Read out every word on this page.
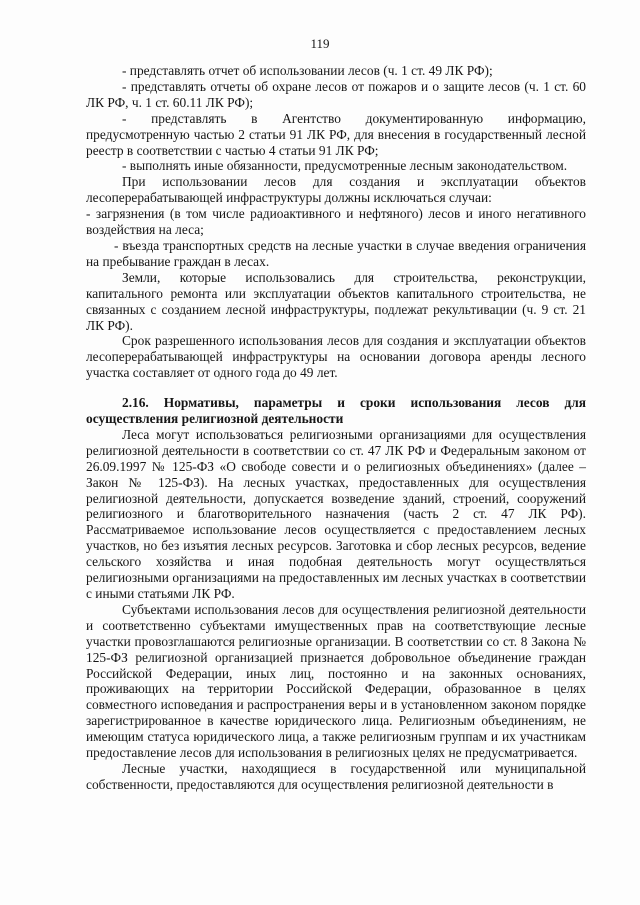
119

- представлять отчет об использовании лесов (ч. 1 ст. 49 ЛК РФ);

- представлять отчеты об охране лесов от пожаров и о защите лесов (ч. 1 ст. 60 ЛК РФ, ч. 1 ст. 60.11 ЛК РФ);

- представлять в Агентство документированную информацию, предусмотренную частью 2 статьи 91 ЛК РФ, для внесения в государственный лесной реестр в соответствии с частью 4 статьи 91 ЛК РФ;

- выполнять иные обязанности, предусмотренные лесным законодательством.

При использовании лесов для создания и эксплуатации объектов лесоперерабатывающей инфраструктуры должны исключаться случаи:

- загрязнения (в том числе радиоактивного и нефтяного) лесов и иного негативного воздействия на леса;

- въезда транспортных средств на лесные участки в случае введения ограничения на пребывание граждан в лесах.

Земли, которые использовались для строительства, реконструкции, капитального ремонта или эксплуатации объектов капитального строительства, не связанных с созданием лесной инфраструктуры, подлежат рекультивации (ч. 9 ст. 21 ЛК РФ).

Срок разрешенного использования лесов для создания и эксплуатации объектов лесоперерабатывающей инфраструктуры на основании договора аренды лесного участка составляет от одного года до 49 лет.

2.16. Нормативы, параметры и сроки использования лесов для осуществления религиозной деятельности

Леса могут использоваться религиозными организациями для осуществления религиозной деятельности в соответствии со ст. 47 ЛК РФ и Федеральным законом от 26.09.1997 № 125-ФЗ «О свободе совести и о религиозных объединениях» (далее – Закон № 125-ФЗ). На лесных участках, предоставленных для осуществления религиозной деятельности, допускается возведение зданий, строений, сооружений религиозного и благотворительного назначения (часть 2 ст. 47 ЛК РФ). Рассматриваемое использование лесов осуществляется с предоставлением лесных участков, но без изъятия лесных ресурсов. Заготовка и сбор лесных ресурсов, ведение сельского хозяйства и иная подобная деятельность могут осуществляться религиозными организациями на предоставленных им лесных участках в соответствии с иными статьями ЛК РФ.

Субъектами использования лесов для осуществления религиозной деятельности и соответственно субъектами имущественных прав на соответствующие лесные участки провозглашаются религиозные организации. В соответствии со ст. 8 Закона № 125-ФЗ религиозной организацией признается добровольное объединение граждан Российской Федерации, иных лиц, постоянно и на законных основаниях, проживающих на территории Российской Федерации, образованное в целях совместного исповедания и распространения веры и в установленном законом порядке зарегистрированное в качестве юридического лица. Религиозным объединениям, не имеющим статуса юридического лица, а также религиозным группам и их участникам предоставление лесов для использования в религиозных целях не предусматривается.

Лесные участки, находящиеся в государственной или муниципальной собственности, предоставляются для осуществления религиозной деятельности в
